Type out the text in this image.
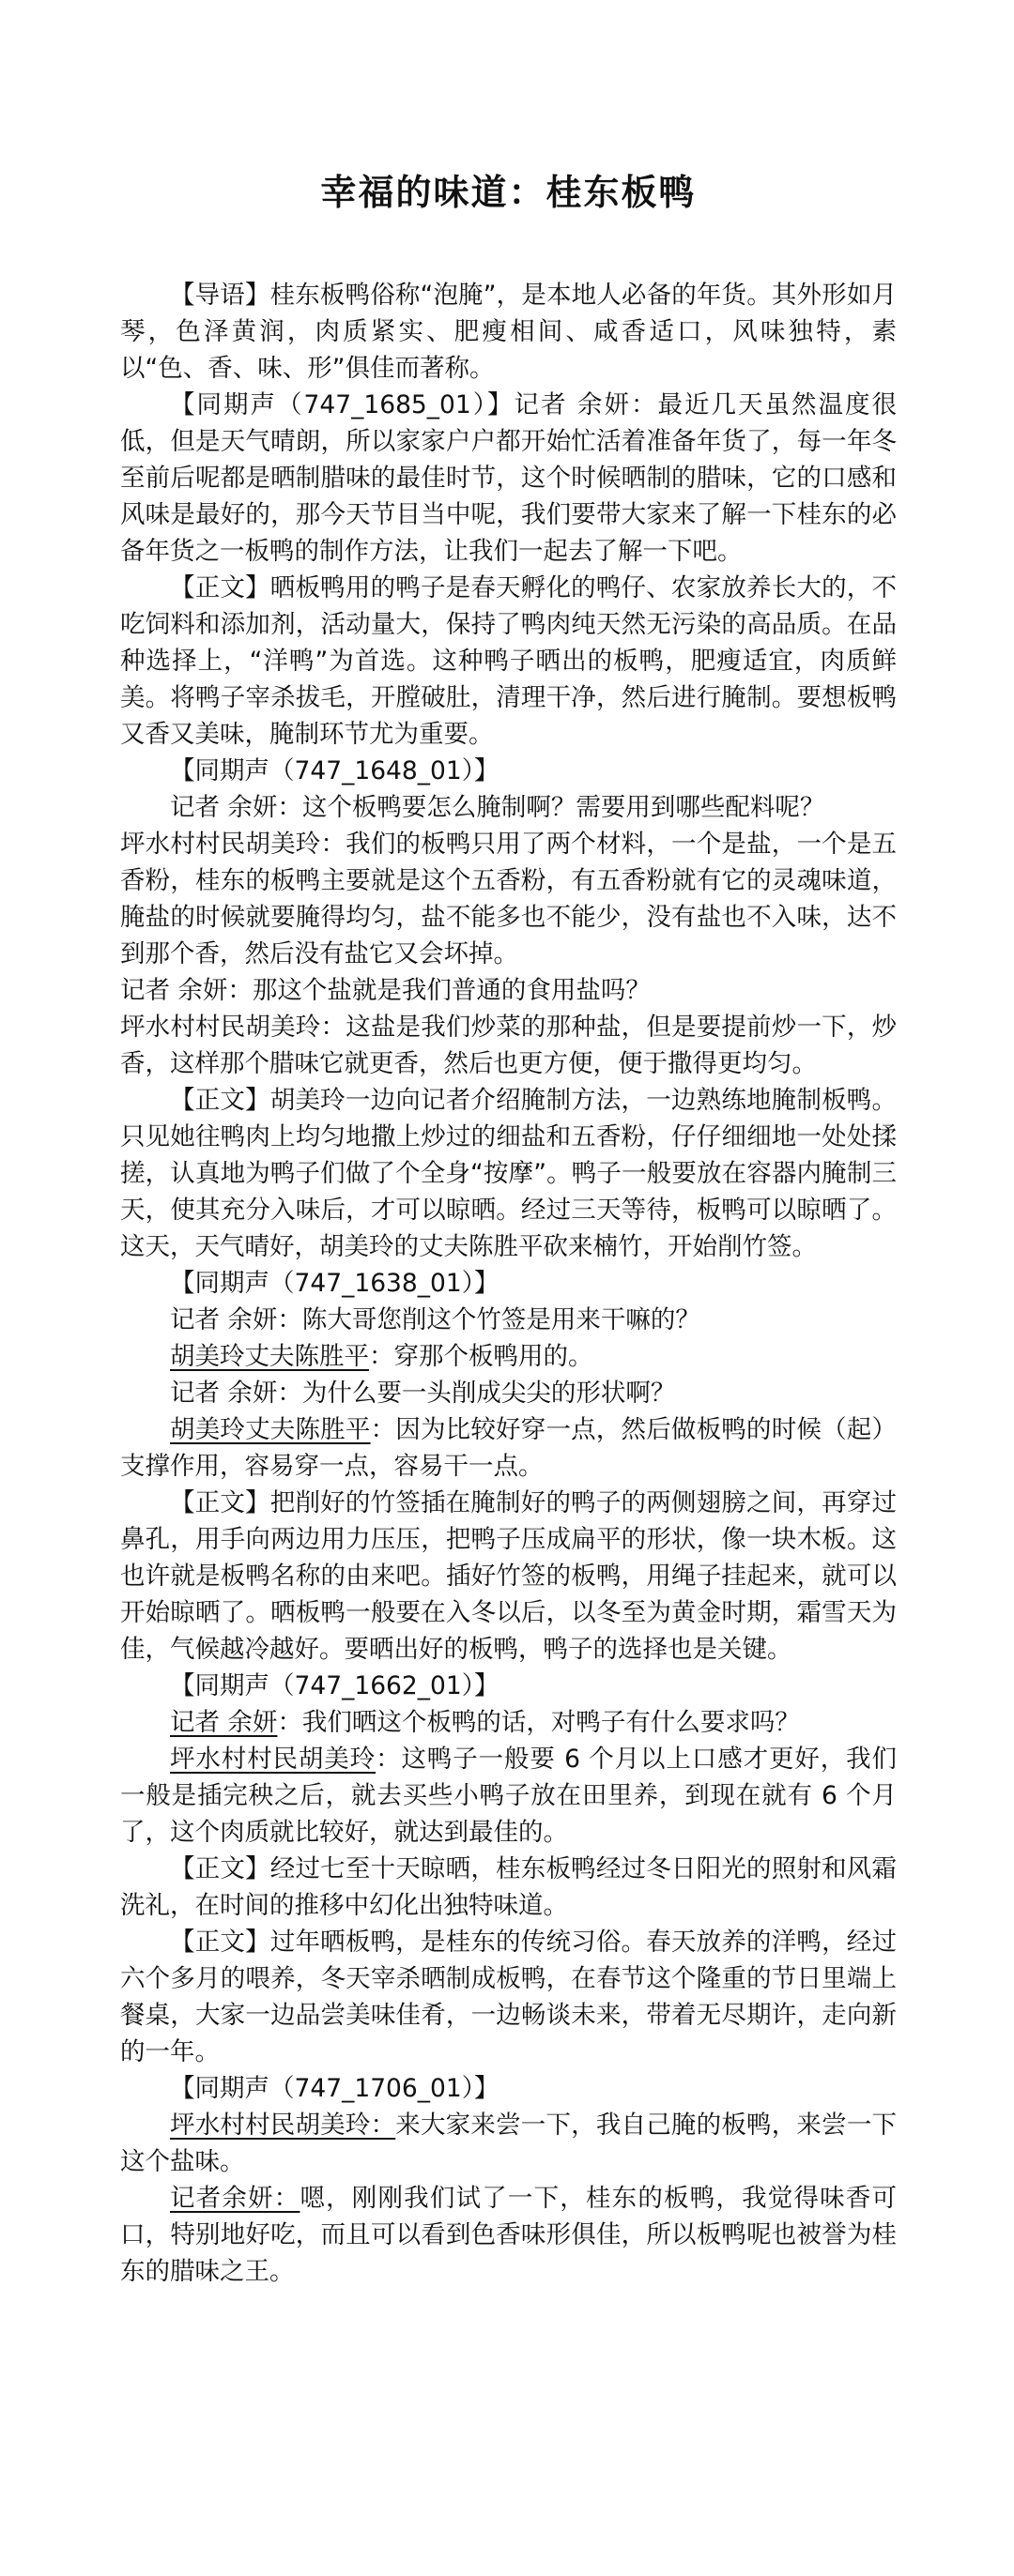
幸福的味道：桂东板鸭

【导语】桂东板鸭俗称“泡腌”，是本地人必备的年货。其外形如月琴，色泽黄润，肉质紧实、肥瘦相间、咸香适口，风味独特，素以“色、香、味、形”俱佳而著称。

【同期声（747_1685_01）】记者 余妍：最近几天虽然温度很低，但是天气晴朗，所以家家户户都开始忙活着准备年货了，每一年冬至前后呢都是晒制腊味的最佳时节，这个时候晒制的腊味，它的口感和风味是最好的，那今天节目当中呢，我们要带大家来了解一下桂东的必备年货之一板鸭的制作方法，让我们一起去了解一下吧。

【正文】晒板鸭用的鸭子是春天孵化的鸭仔、农家放养长大的，不吃饲料和添加剂，活动量大，保持了鸭肉纯天然无污染的高品质。在品种选择上，“洋鸭”为首选。这种鸭子晒出的板鸭，肥瘦适宜，肉质鲜美。将鸭子宰杀拔毛，开膛破肚，清理干净，然后进行腌制。要想板鸭又香又美味，腌制环节尤为重要。

【同期声（747_1648_01）】

记者 余妍：这个板鸭要怎么腌制啊？需要用到哪些配料呢？

坪水村村民胡美玲：我们的板鸭只用了两个材料，一个是盐，一个是五香粉，桂东的板鸭主要就是这个五香粉，有五香粉就有它的灵魂味道，腌盐的时候就要腌得均匀，盐不能多也不能少，没有盐也不入味，达不到那个香，然后没有盐它又会坏掉。

记者 余妍：那这个盐就是我们普通的食用盐吗？

坪水村村民胡美玲：这盐是我们炒菜的那种盐，但是要提前炒一下，炒香，这样那个腊味它就更香，然后也更方便，便于撒得更均匀。

【正文】胡美玲一边向记者介绍腌制方法，一边熟练地腌制板鸭。只见她往鸭肉上均匀地撒上炒过的细盐和五香粉，仔仔细细地一处处揉搓，认真地为鸭子们做了个全身“按摩”。鸭子一般要放在容器内腌制三天，使其充分入味后，才可以晾晒。经过三天等待，板鸭可以晾晒了。这天，天气晴好，胡美玲的丈夫陈胜平砍来楠竹，开始削竹签。

【同期声（747_1638_01）】

记者 余妍：陈大哥您削这个竹签是用来干嘛的？

胡美玲丈夫陈胜平：穿那个板鸭用的。

记者 余妍：为什么要一头削成尖尖的形状啊？

胡美玲丈夫陈胜平：因为比较好穿一点，然后做板鸭的时候（起）支撑作用，容易穿一点，容易干一点。

【正文】把削好的竹签插在腌制好的鸭子的两侧翅膀之间，再穿过鼻孔，用手向两边用力压压，把鸭子压成扁平的形状，像一块木板。这也许就是板鸭名称的由来吧。插好竹签的板鸭，用绳子挂起来，就可以开始晾晒了。晒板鸭一般要在入冬以后，以冬至为黄金时期，霜雪天为佳，气候越冷越好。要晒出好的板鸭，鸭子的选择也是关键。

【同期声（747_1662_01）】

记者 余妍：我们晒这个板鸭的话，对鸭子有什么要求吗？

坪水村村民胡美玲：这鸭子一般要 6 个月以上口感才更好，我们一般是插完秧之后，就去买些小鸭子放在田里养，到现在就有 6 个月了，这个肉质就比较好，就达到最佳的。

【正文】经过七至十天晾晒，桂东板鸭经过冬日阳光的照射和风霜洗礼，在时间的推移中幻化出独特味道。

【正文】过年晒板鸭，是桂东的传统习俗。春天放养的洋鸭，经过六个多月的喂养，冬天宰杀晒制成板鸭，在春节这个隆重的节日里端上餐桌，大家一边品尝美味佳肴，一边畅谈未来，带着无尽期许，走向新的一年。

【同期声（747_1706_01）】

坪水村村民胡美玲：来大家来尝一下，我自己腌的板鸭，来尝一下这个盐味。

记者余妍：嗯，刚刚我们试了一下，桂东的板鸭，我觉得味香可口，特别地好吃，而且可以看到色香味形俱佳，所以板鸭呢也被誉为桂东的腊味之王。
